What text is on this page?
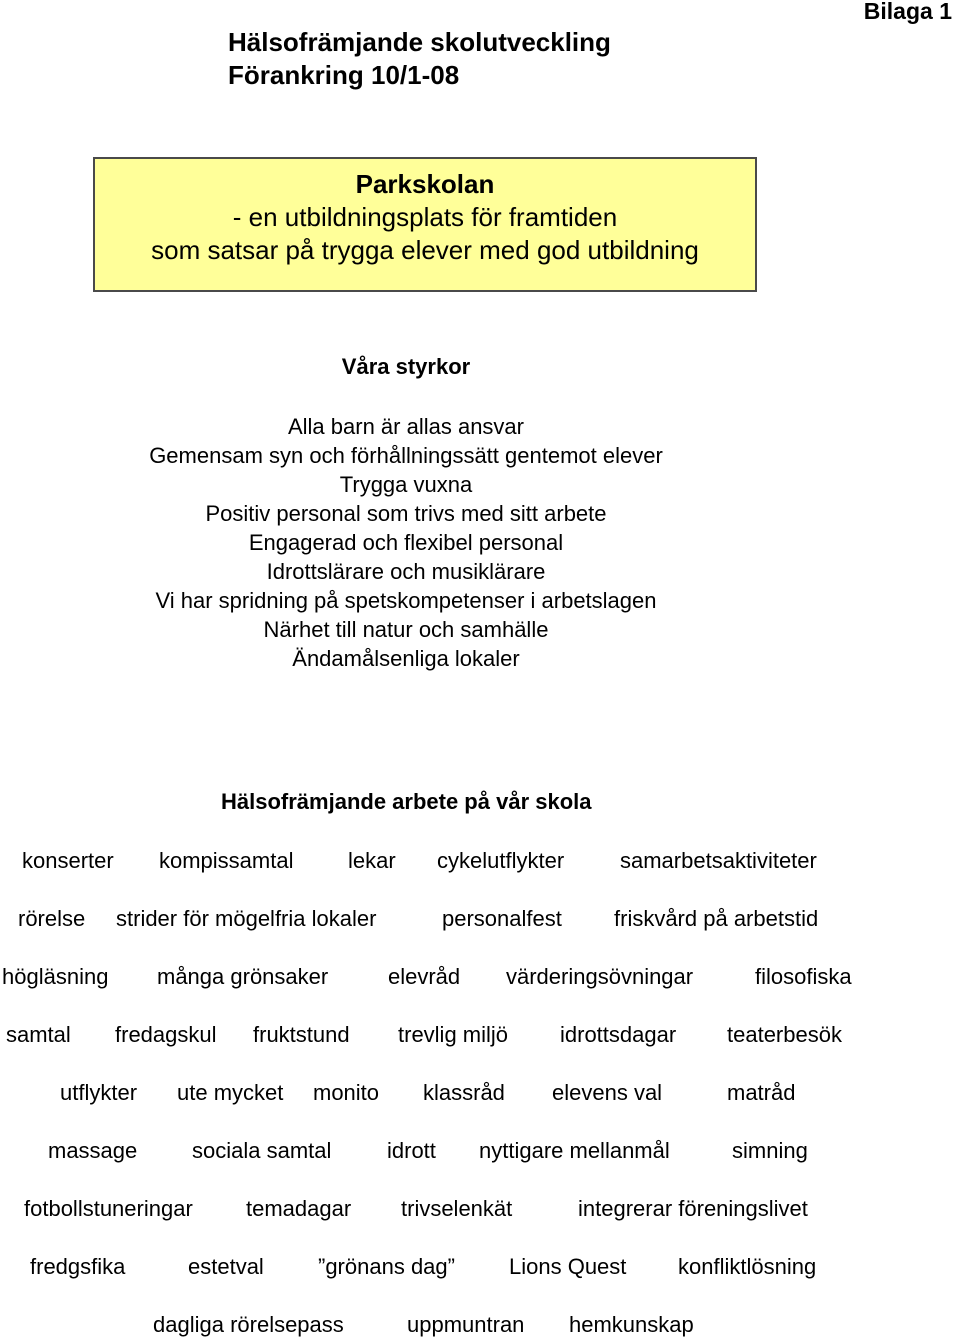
Bilaga 1
Hälsofrämjande skolutveckling
Förankring 10/1-08
Parkskolan
- en utbildningsplats för framtiden
som satsar på trygga elever med god utbildning
Våra styrkor
Alla barn är allas ansvar
Gemensam syn och förhållningssätt gentemot elever
Trygga vuxna
Positiv personal som trivs med sitt arbete
Engagerad och flexibel personal
Idrottslärare och musiklärare
Vi har spridning på spetskompetenser i arbetslagen
Närhet till natur och samhälle
Ändamålsenliga lokaler
Hälsofrämjande arbete på vår skola
konserter kompissamtal lekar cykelutflykter	samarbetsaktiviteter
rörelse strider för mögelfria lokaler	personalfest friskvård på arbetstid
högläsning många grönsaker	elevråd värderingsövningar	filosofiska
samtal fredagskul fruktstund trevlig miljö idrottsdagar teaterbesök
utflykter ute mycket monito klassråd elevens val	matråd
massage sociala samtal	idrott nyttigare mellanmål	simning
fotbollstuneringar temadagar trivselenkät	integrerar föreningslivet
fredgsfika	estetval ”grönans dag” Lions Quest konfliktlösning
dagliga rörelsepass	uppmuntran hemkunskap
